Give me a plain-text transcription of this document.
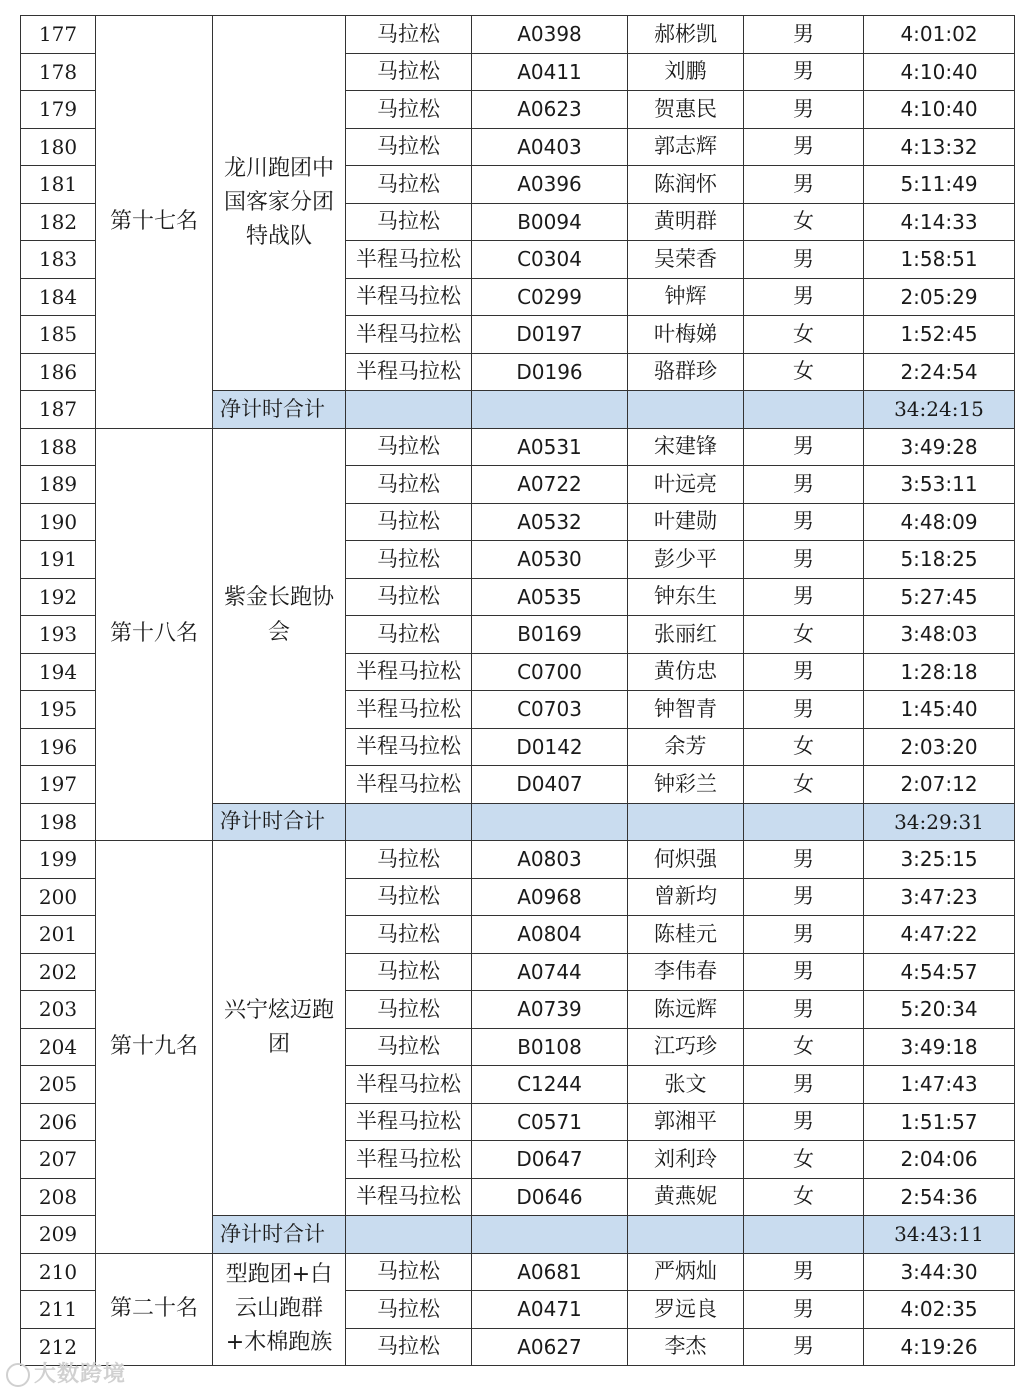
177	第十七名	龙川跑团中国客家分团特战队	马拉松	A0398	郝彬凯	男	4:01:02
178			马拉松	A0411	刘鹏	男	4:10:40
179			马拉松	A0623	贺惠民	男	4:10:40
180			马拉松	A0403	郭志辉	男	4:13:32
181			马拉松	A0396	陈润怀	男	5:11:49
182			马拉松	B0094	黄明群	女	4:14:33
183			半程马拉松	C0304	吴荣香	男	1:58:51
184			半程马拉松	C0299	钟辉	男	2:05:29
185			半程马拉松	D0197	叶梅娣	女	1:52:45
186			半程马拉松	D0196	骆群珍	女	2:24:54
187		净计时合计					34:24:15
188	第十八名	紫金长跑协会	马拉松	A0531	宋建锋	男	3:49:28
189			马拉松	A0722	叶远亮	男	3:53:11
190			马拉松	A0532	叶建勋	男	4:48:09
191			马拉松	A0530	彭少平	男	5:18:25
192			马拉松	A0535	钟东生	男	5:27:45
193			马拉松	B0169	张丽红	女	3:48:03
194			半程马拉松	C0700	黄仿忠	男	1:28:18
195			半程马拉松	C0703	钟智青	男	1:45:40
196			半程马拉松	D0142	余芳	女	2:03:20
197			半程马拉松	D0407	钟彩兰	女	2:07:12
198		净计时合计					34:29:31
199	第十九名	兴宁炫迈跑团	马拉松	A0803	何炽强	男	3:25:15
200			马拉松	A0968	曾新均	男	3:47:23
201			马拉松	A0804	陈桂元	男	4:47:22
202			马拉松	A0744	李伟春	男	4:54:57
203			马拉松	A0739	陈远辉	男	5:20:34
204			马拉松	B0108	江巧珍	女	3:49:18
205			半程马拉松	C1244	张文	男	1:47:43
206			半程马拉松	C0571	郭湘平	男	1:51:57
207			半程马拉松	D0647	刘利玲	女	2:04:06
208			半程马拉松	D0646	黄燕妮	女	2:54:36
209		净计时合计					34:43:11
210	第二十名	型跑团+白云山跑群+木棉跑族	马拉松	A0681	严炳灿	男	3:44:30
211			马拉松	A0471	罗远良	男	4:02:35
212			马拉松	A0627	李杰	男	4:19:26
大数跨境
